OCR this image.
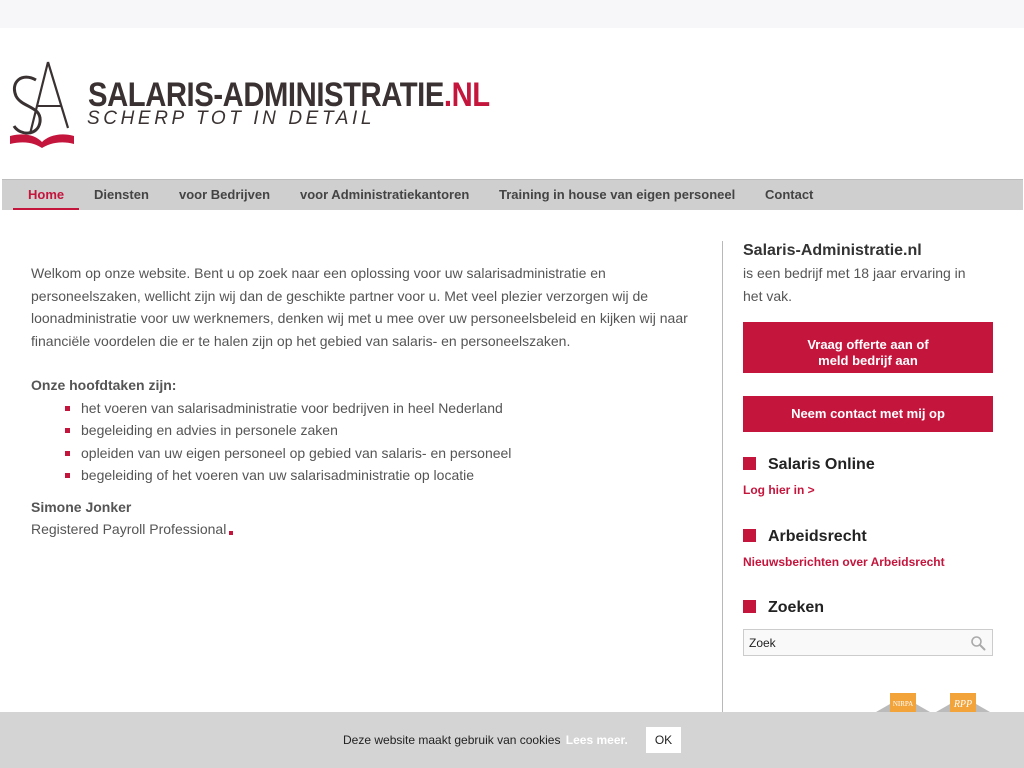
SALARIS-ADMINISTRATIE.NL
SCHERP TOT IN DETAIL
Home	Diensten voor Bedrijven voor Administratiekantoren Training in house van eigen personeel Contact

Welkom op onze website. Bent u op zoek naar een oplossing voor uw salarisadministratie en personeelszaken, wellicht zijn wij dan de geschikte partner voor u. Met veel plezier verzorgen wij de loonadministratie voor uw werknemers, denken wij met u mee over uw personeelsbeleid en kijken wij naar financiële voordelen die er te halen zijn op het gebied van salaris- en personeelszaken.

Onze hoofdtaken zijn:
het voeren van salarisadministratie voor bedrijven in heel Nederland
begeleiding en advies in personele zaken
opleiden van uw eigen personeel op gebied van salaris- en personeel
begeleiding of het voeren van uw salarisadministratie op locatie
Simone Jonker
Registered Payroll Professional
Salaris-Administratie.nl
is een bedrijf met 18 jaar ervaring in het vak.
Vraag offerte aan of
meld bedrijf aan
Neem contact met mij op
Salaris Online
Log hier in >
Arbeidsrecht
Nieuwsberichten over Arbeidsrecht
Zoeken
Zoek
NIRPA	RPP
Deze website maakt gebruik van cookies Lees meer.	OK
